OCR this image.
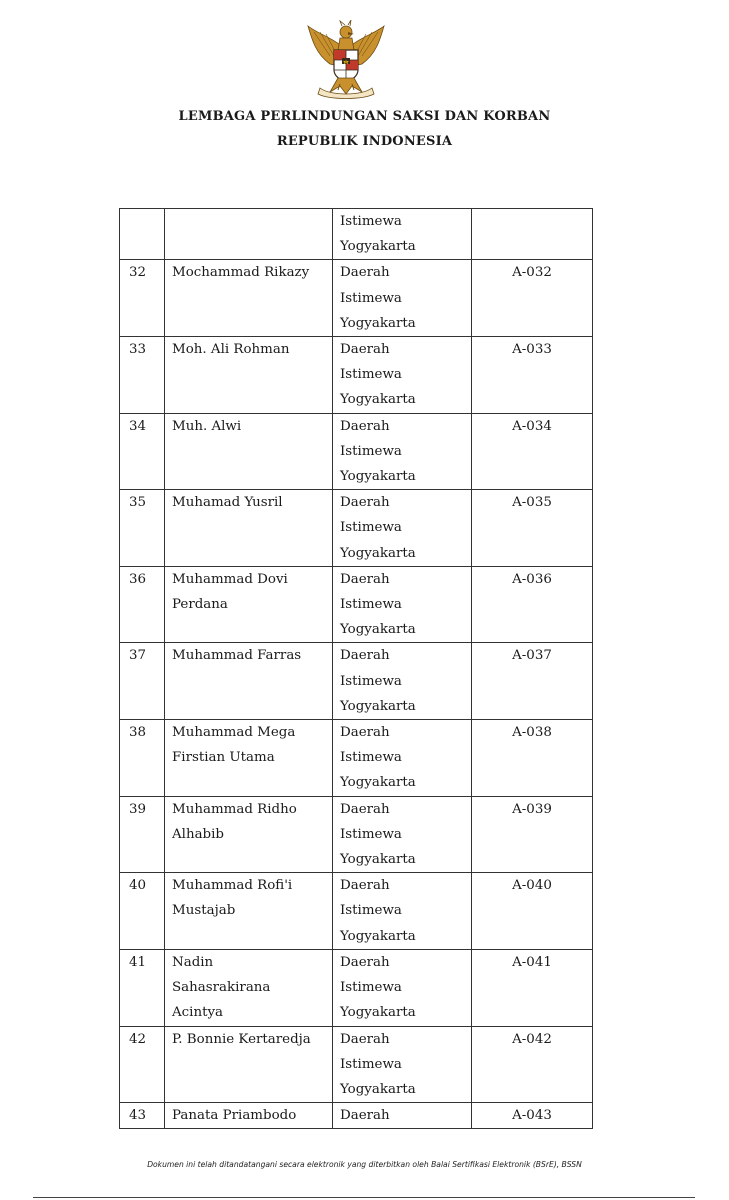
LEMBAGA PERLINDUNGAN SAKSI DAN KORBAN
REPUBLIK INDONESIA

		Istimewa
Yogyakarta	

32	Mochammad Rikazy	Daerah
Istimewa
Yogyakarta	A-032
33	Moh. Ali Rohman	Daerah
Istimewa
Yogyakarta	A-033
34	Muh. Alwi	Daerah
Istimewa
Yogyakarta	A-034
35	Muhamad Yusril	Daerah
Istimewa
Yogyakarta	A-035
36	Muhammad Dovi
Perdana	Daerah
Istimewa
Yogyakarta	A-036
37	Muhammad Farras	Daerah
Istimewa
Yogyakarta	A-037
38	Muhammad Mega
Firstian Utama	Daerah
Istimewa
Yogyakarta	A-038
39	Muhammad Ridho
Alhabib	Daerah
Istimewa
Yogyakarta	A-039
40	Muhammad Rofi'i
Mustajab	Daerah
Istimewa
Yogyakarta	A-040
41	Nadin
Sahasrakirana
Acintya	Daerah
Istimewa
Yogyakarta	A-041
42	P. Bonnie Kertaredja	Daerah
Istimewa
Yogyakarta	A-042
43	Panata Priambodo	Daerah	A-043
Dokumen ini telah ditandatangani secara elektronik yang diterbitkan oleh Balai Sertifikasi Elektronik (BSrE), BSSN
